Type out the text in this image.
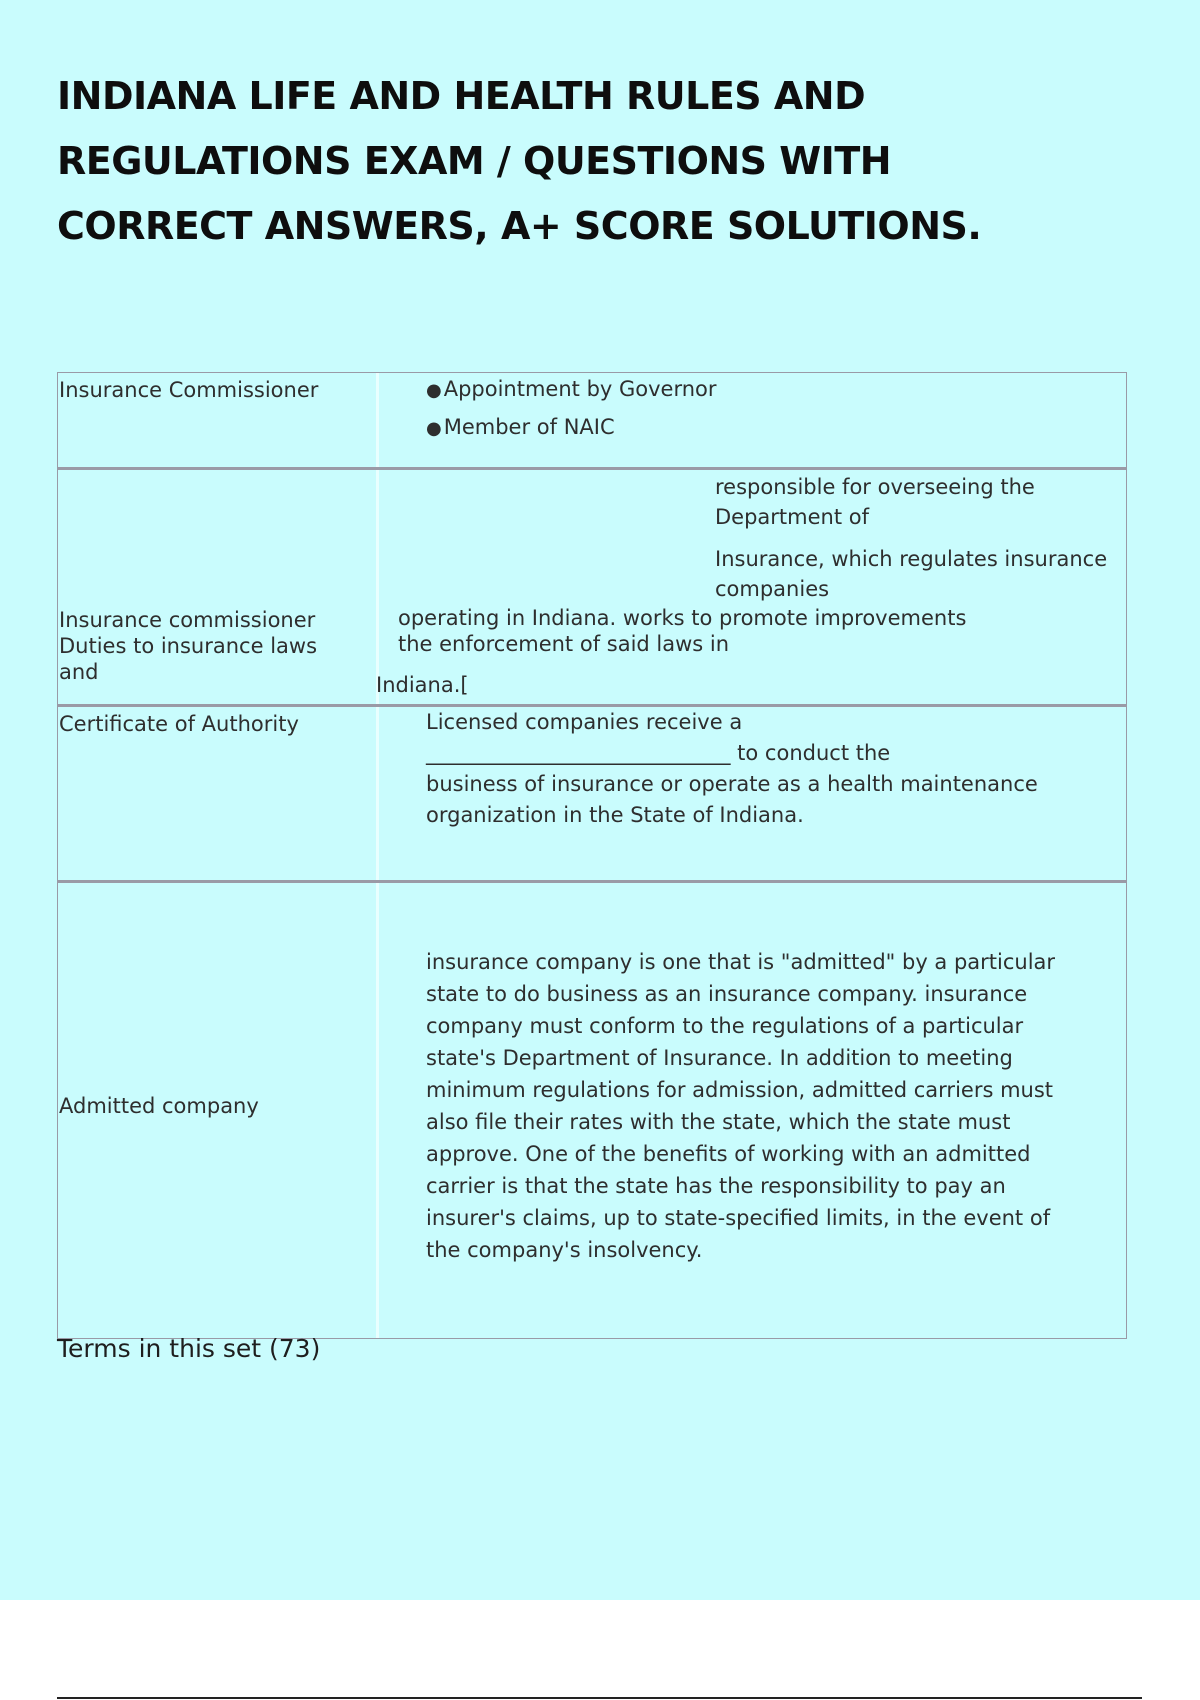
INDIANA LIFE AND HEALTH RULES AND REGULATIONS EXAM / QUESTIONS WITH CORRECT ANSWERS, A+ SCORE SOLUTIONS.
Insurance Commissioner	●Appointment by Governor
●Member of NAIC
Insurance commissioner
Duties to insurance laws and
responsible for overseeing the
Department of
Insurance, which regulates insurance
companies
operating in Indiana. works to promote improvements
the enforcement of said laws in
Indiana.[
Certificate of Authority	Licensed companies receive a
_____________________________ to conduct the
business of insurance or operate as a health maintenance
organization in the State of Indiana.
Admitted company
insurance company is one that is "admitted" by a particular
state to do business as an insurance company. insurance
company must conform to the regulations of a particular
state's Department of Insurance. In addition to meeting
minimum regulations for admission, admitted carriers must
also file their rates with the state, which the state must
approve. One of the benefits of working with an admitted
carrier is that the state has the responsibility to pay an
insurer's claims, up to state-specified limits, in the event of
the company's insolvency.
Terms in this set (73)
